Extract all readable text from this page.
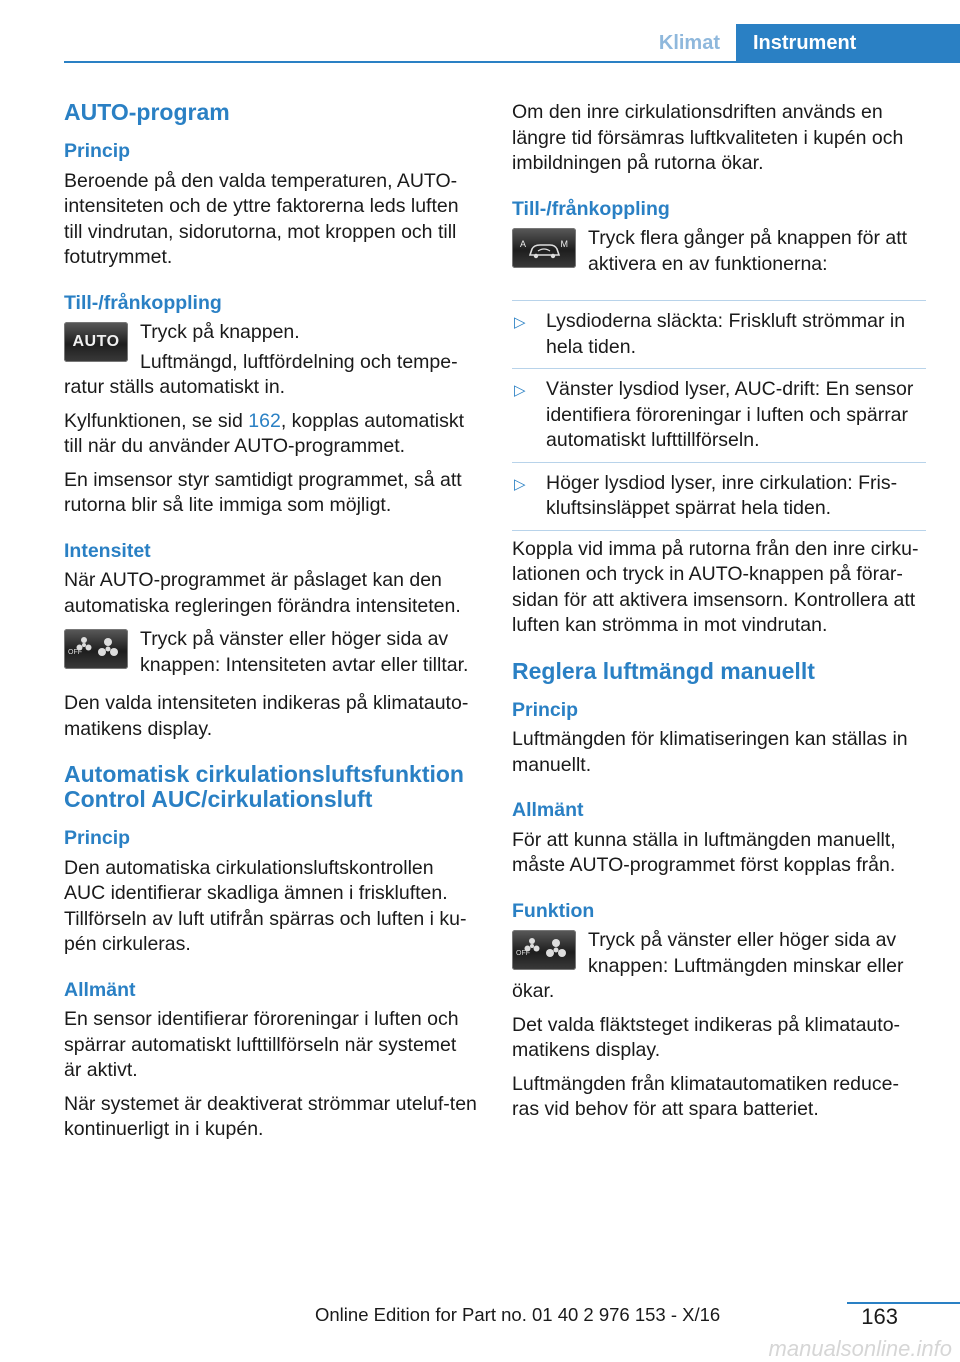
Klimat	Instrument
AUTO-program
Princip

Beroende på den valda temperaturen, AUTO-intensiteten och de yttre faktorerna leds luften till vindrutan, sidorutorna, mot kroppen och till fotutrymmet.

Till-/frånkoppling
AUTO	Tryck på knappen.

Luftmängd, luftfördelning och tempe-ratur ställs automatiskt in.

Kylfunktionen, se sid 162, kopplas automatiskt till när du använder AUTO-programmet.

En imsensor styr samtidigt programmet, så att rutorna blir så lite immiga som möjligt.

Intensitet

När AUTO-programmet är påslaget kan den automatiska regleringen förändra intensiteten.

OFF

Tryck på vänster eller höger sida av knappen: Intensiteten avtar eller tilltar.

Den valda intensiteten indikeras på klimatauto-matikens display.

Automatisk cirkulationsluftsfunktion Control AUC/cirkulationsluft
Princip

Den automatiska cirkulationsluftskontrollen AUC identifierar skadliga ämnen i friskluften. Tillförseln av luft utifrån spärras och luften i ku-pén cirkuleras.

Allmänt

En sensor identifierar föroreningar i luften och spärrar automatiskt lufttillförseln när systemet är aktivt.

När systemet är deaktiverat strömmar uteluf-ten kontinuerligt in i kupén.

Om den inre cirkulationsdriften används en längre tid försämras luftkvaliteten i kupén och imbildningen på rutorna ökar.

Till-/frånkoppling
A	M	Tryck flera gånger på knappen för att aktivera en av funktionerna:

▷ Lysdioderna släckta: Friskluft strömmar in hela tiden.
▷ Vänster lysdiod lyser, AUC-drift: En sensor identifiera föroreningar i luften och spärrar automatiskt lufttillförseln.
▷ Höger lysdiod lyser, inre cirkulation: Fris-kluftsinsläppet spärrat hela tiden.

Koppla vid imma på rutorna från den inre cirku-lationen och tryck in AUTO-knappen på förar-sidan för att aktivera imsensorn. Kontrollera att luften kan strömma in mot vindrutan.

Reglera luftmängd manuellt
Princip

Luftmängden för klimatiseringen kan ställas in manuellt.

Allmänt

För att kunna ställa in luftmängden manuellt, måste AUTO-programmet först kopplas från.

Funktion
OFF

Tryck på vänster eller höger sida av knappen: Luftmängden minskar eller ökar.

Det valda fläktsteget indikeras på klimatauto-matikens display.

Luftmängden från klimatautomatiken reduce-ras vid behov för att spara batteriet.

163
Online Edition for Part no. 01 40 2 976 153 - X/16
manualsonline.info
